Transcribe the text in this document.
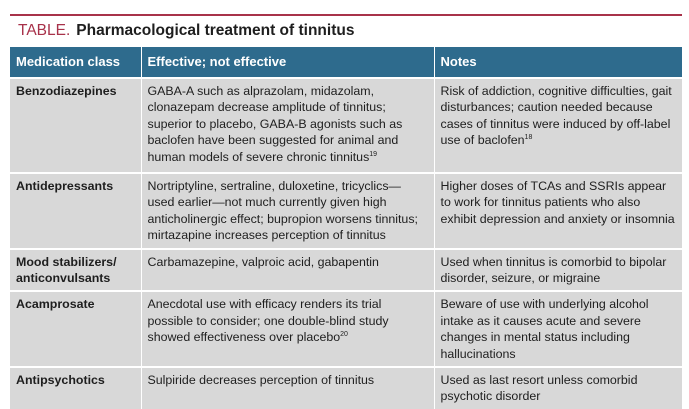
TABLE. Pharmacological treatment of tinnitus
Medication class	Effective; not effective	Notes
Benzodiazepines	GABA-A such as alprazolam, midazolam, clonazepam decrease amplitude of tinnitus; superior to placebo, GABA-B agonists such as baclofen have been suggested for animal and human models of severe chronic tinnitus$^{19}$	Risk of addiction, cognitive difficulties, gait disturbances; caution needed because cases of tinnitus were induced by off-label use of baclofen$^{18}$
Antidepressants	Nortriptyline, sertraline, duloxetine, tricyclics—used earlier—not much currently given high anticholinergic effect; bupropion worsens tinnitus; mirtazapine increases perception of tinnitus	Higher doses of TCAs and SSRIs appear to work for tinnitus patients who also exhibit depression and anxiety or insomnia
Mood stabilizers/ anticonvulsants	Carbamazepine, valproic acid, gabapentin	Used when tinnitus is comorbid to bipolar disorder, seizure, or migraine
Acamprosate	Anecdotal use with efficacy renders its trial possible to consider; one double-blind study showed effectiveness over placebo$^{20}$	Beware of use with underlying alcohol intake as it causes acute and severe changes in mental status including hallucinations
Antipsychotics	Sulpiride decreases perception of tinnitus	Used as last resort unless comorbid psychotic disorder
